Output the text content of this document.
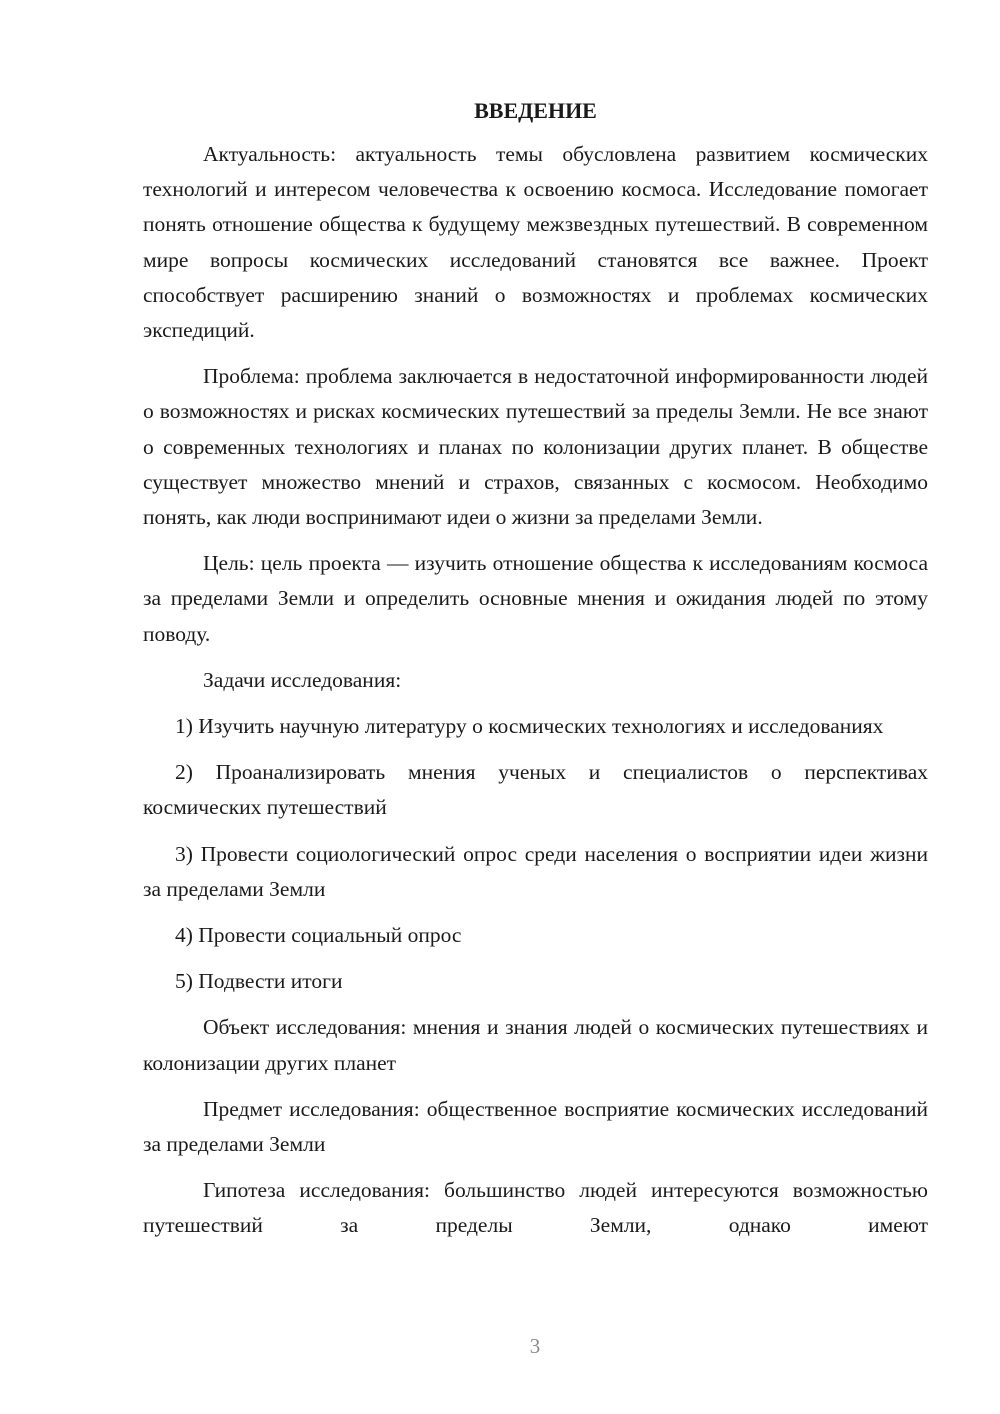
ВВЕДЕНИЕ

Актуальность: актуальность темы обусловлена развитием космических технологий и интересом человечества к освоению космоса. Исследование помогает понять отношение общества к будущему межзвездных путешествий. В современном мире вопросы космических исследований становятся все важнее. Проект способствует расширению знаний о возможностях и проблемах космических экспедиций.

Проблема: проблема заключается в недостаточной информированности людей о возможностях и рисках космических путешествий за пределы Земли. Не все знают о современных технологиях и планах по колонизации других планет. В обществе существует множество мнений и страхов, связанных с космосом. Необходимо понять, как люди воспринимают идеи о жизни за пределами Земли.

Цель: цель проекта — изучить отношение общества к исследованиям космоса за пределами Земли и определить основные мнения и ожидания людей по этому поводу.

Задачи исследования:

1) Изучить научную литературу о космических технологиях и исследованиях

2) Проанализировать мнения ученых и специалистов о перспективах космических путешествий

3) Провести социологический опрос среди населения о восприятии идеи жизни за пределами Земли

4) Провести социальный опрос

5) Подвести итоги

Объект исследования: мнения и знания людей о космических путешествиях и колонизации других планет

Предмет исследования: общественное восприятие космических исследований за пределами Земли

Гипотеза исследования: большинство людей интересуются возможностью путешествий за пределы Земли, однако имеют

3
